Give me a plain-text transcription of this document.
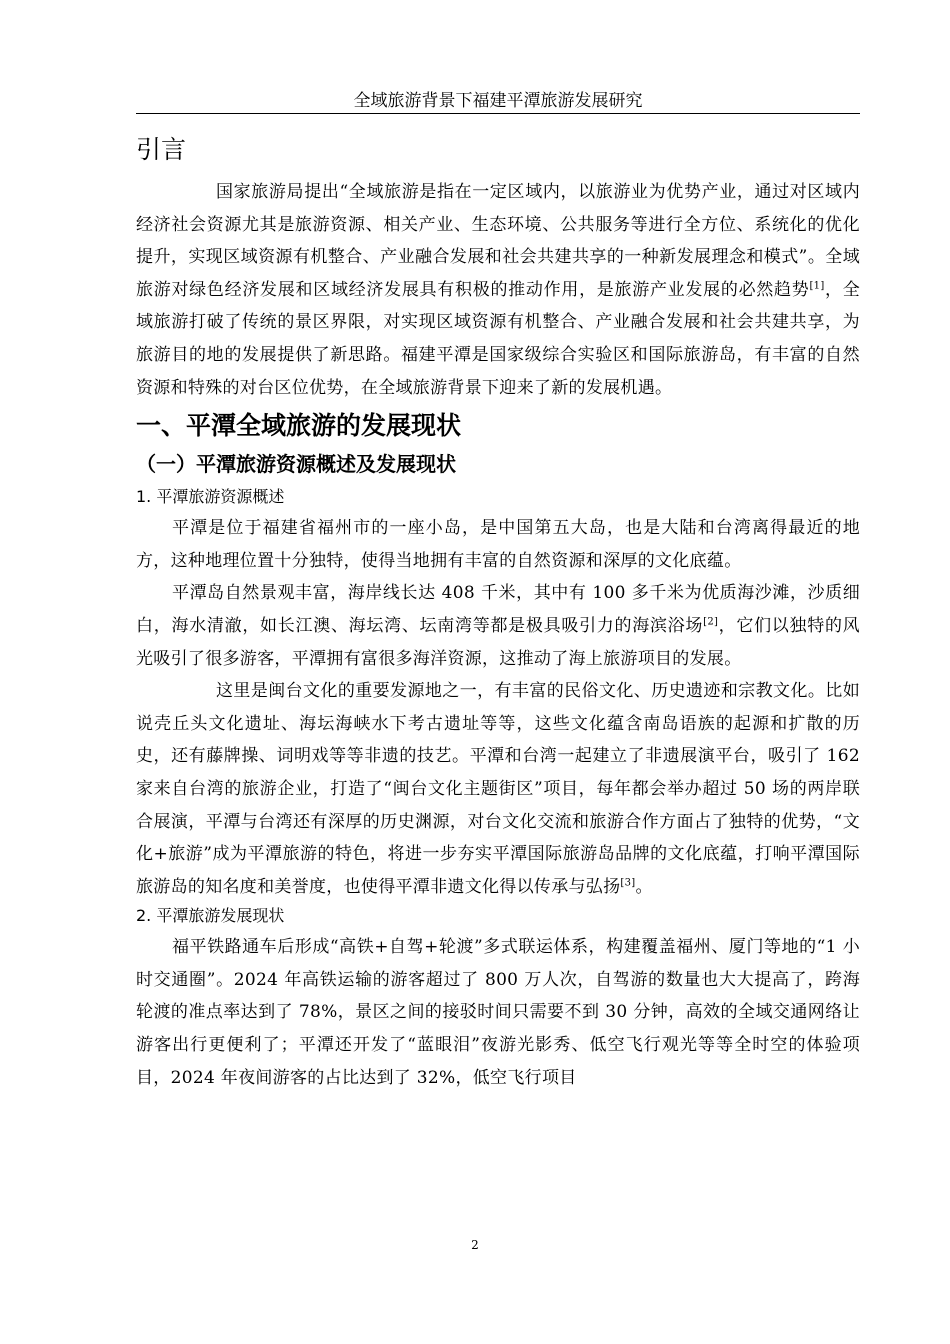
全域旅游背景下福建平潭旅游发展研究
引言

国家旅游局提出“全域旅游是指在一定区域内，以旅游业为优势产业，通过对区域内经济社会资源尤其是旅游资源、相关产业、生态环境、公共服务等进行全方位、系统化的优化提升，实现区域资源有机整合、产业融合发展和社会共建共享的一种新发展理念和模式”。全域旅游对绿色经济发展和区域经济发展具有积极的推动作用，是旅游产业发展的必然趋势[1]，全域旅游打破了传统的景区界限，对实现区域资源有机整合、产业融合发展和社会共建共享，为旅游目的地的发展提供了新思路。福建平潭是国家级综合实验区和国际旅游岛，有丰富的自然资源和特殊的对台区位优势，在全域旅游背景下迎来了新的发展机遇。

一、平潭全域旅游的发展现状
（一）平潭旅游资源概述及发展现状
1. 平潭旅游资源概述

平潭是位于福建省福州市的一座小岛，是中国第五大岛，也是大陆和台湾离得最近的地方，这种地理位置十分独特，使得当地拥有丰富的自然资源和深厚的文化底蕴。

平潭岛自然景观丰富，海岸线长达 408 千米，其中有 100 多千米为优质海沙滩，沙质细白，海水清澈，如长江澳、海坛湾、坛南湾等都是极具吸引力的海滨浴场[2]，它们以独特的风光吸引了很多游客，平潭拥有富很多海洋资源，这推动了海上旅游项目的发展。

这里是闽台文化的重要发源地之一，有丰富的民俗文化、历史遗迹和宗教文化。比如说壳丘头文化遗址、海坛海峡水下考古遗址等等，这些文化蕴含南岛语族的起源和扩散的历史，还有藤牌操、词明戏等等非遗的技艺。平潭和台湾一起建立了非遗展演平台，吸引了 162 家来自台湾的旅游企业，打造了“闽台文化主题街区”项目，每年都会举办超过 50 场的两岸联合展演，平潭与台湾还有深厚的历史渊源，对台文化交流和旅游合作方面占了独特的优势，“文化+旅游”成为平潭旅游的特色，将进一步夯实平潭国际旅游岛品牌的文化底蕴，打响平潭国际旅游岛的知名度和美誉度，也使得平潭非遗文化得以传承与弘扬[3]。

2. 平潭旅游发展现状

福平铁路通车后形成“高铁+自驾+轮渡”多式联运体系，构建覆盖福州、厦门等地的“1 小时交通圈”。2024 年高铁运输的游客超过了 800 万人次，自驾游的数量也大大提高了，跨海轮渡的准点率达到了 78%，景区之间的接驳时间只需要不到 30 分钟，高效的全域交通网络让游客出行更便利了；平潭还开发了“蓝眼泪”夜游光影秀、低空飞行观光等等全时空的体验项目，2024 年夜间游客的占比达到了 32%，低空飞行项目

2
